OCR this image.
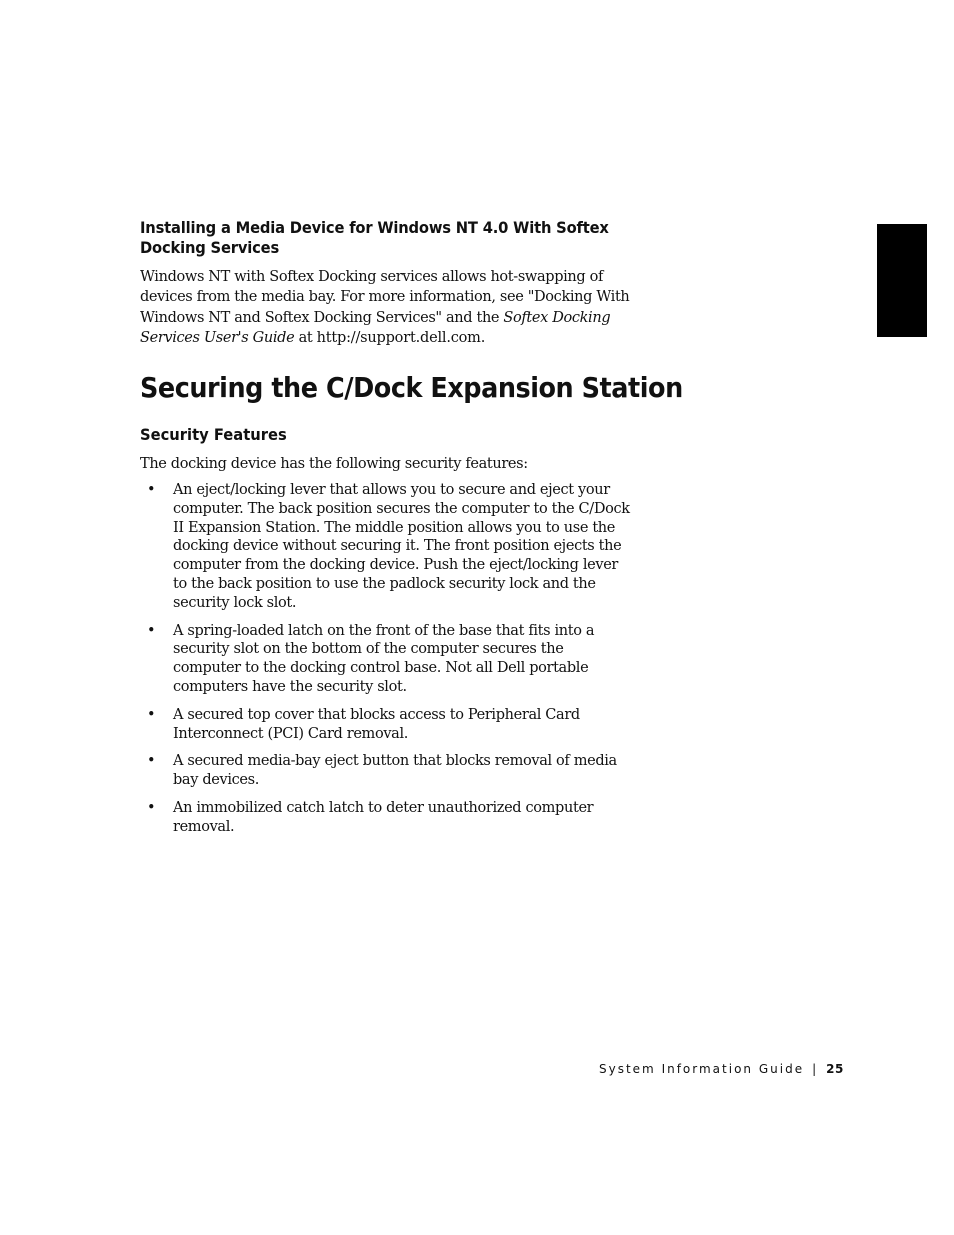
Installing a Media Device for Windows NT 4.0 With Softex
Docking Services

Windows NT with Softex Docking services allows hot-swapping of devices from the media bay. For more information, see "Docking With Windows NT and Softex Docking Services" and the Softex Docking Services User's Guide at http://support.dell.com.

Securing the C/Dock Expansion Station
Security Features

The docking device has the following security features:

• An eject/locking lever that allows you to secure and eject your computer. The back position secures the computer to the C/Dock II Expansion Station. The middle position allows you to use the docking device without securing it. The front position ejects the computer from the docking device. Push the eject/locking lever to the back position to use the padlock security lock and the security lock slot.
• A spring-loaded latch on the front of the base that fits into a security slot on the bottom of the computer secures the computer to the docking control base. Not all Dell portable computers have the security slot.
• A secured top cover that blocks access to Peripheral Card Interconnect (PCI) Card removal.
• A secured media-bay eject button that blocks removal of media bay devices.
• An immobilized catch latch to deter unauthorized computer removal.
System Information Guide | 25
